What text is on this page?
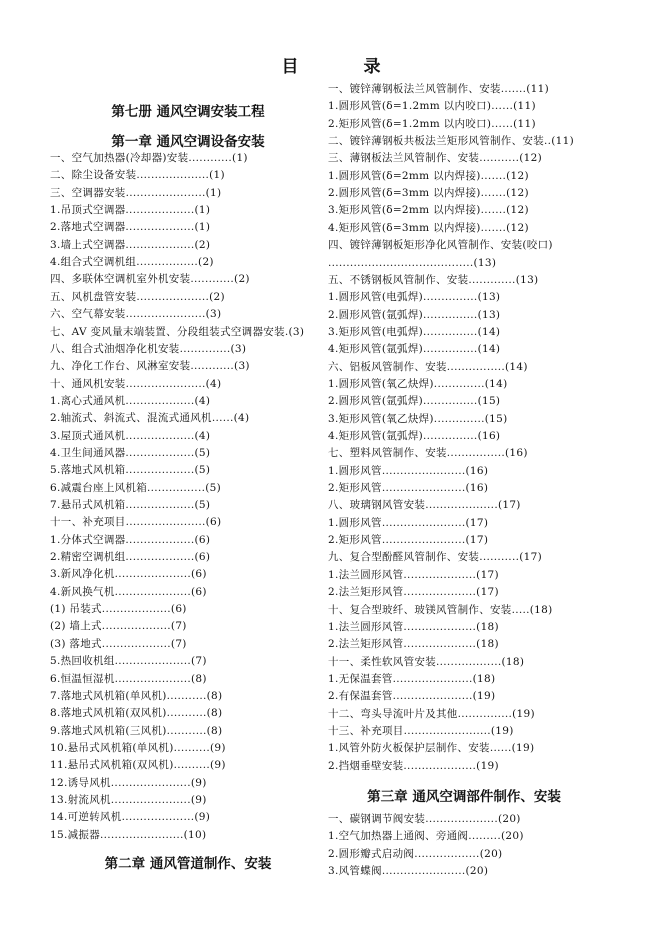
目　录
第七册 通风空调安装工程
第一章 通风空调设备安装
一、空气加热器(冷却器)安装............(1)
二、除尘设备安装....................(1)
三、空调器安装......................(1)
1.吊顶式空调器...................(1)
2.落地式空调器...................(1)
3.墙上式空调器...................(2)
4.组合式空调机组.................(2)
四、多联体空调机室外机安装............(2)
五、风机盘管安装....................(2)
六、空气幕安装......................(3)
七、AV 变风量末端装置、分段组装式空调器安装.(3)
八、组合式油烟净化机安装..............(3)
九、净化工作台、风淋室安装............(3)
十、通风机安装......................(4)
1.离心式通风机...................(4)
2.轴流式、斜流式、混流式通风机......(4)
3.屋顶式通风机...................(4)
4.卫生间通风器...................(5)
5.落地式风机箱...................(5)
6.减震台座上风机箱................(5)
7.悬吊式风机箱...................(5)
十一、补充项目......................(6)
1.分体式空调器...................(6)
2.精密空调机组...................(6)
3.新风净化机.....................(6)
4.新风换气机.....................(6)
(1) 吊装式...................(6)
(2) 墙上式...................(7)
(3) 落地式...................(7)
5.热回收机组.....................(7)
6.恒温恒湿机.....................(8)
7.落地式风机箱(单风机)...........(8)
8.落地式风机箱(双风机)...........(8)
9.落地式风机箱(三风机)...........(8)
10.悬吊式风机箱(单风机)..........(9)
11.悬吊式风机箱(双风机)..........(9)
12.诱导风机......................(9)
13.射流风机......................(9)
14.可逆转风机....................(9)
15.减振器.......................(10)
第二章 通风管道制作、安装
一、镀锌薄钢板法兰风管制作、安装.......(11)
1.圆形风管(δ=1.2mm 以内咬口)......(11)
2.矩形风管(δ=1.2mm 以内咬口)......(11)
二、镀锌薄钢板共板法兰矩形风管制作、安装..(11)
三、薄钢板法兰风管制作、安装...........(12)
1.圆形风管(δ=2mm 以内焊接).......(12)
2.圆形风管(δ=3mm 以内焊接).......(12)
3.矩形风管(δ=2mm 以内焊接).......(12)
4.矩形风管(δ=3mm 以内焊接).......(12)
四、镀锌薄钢板矩形净化风管制作、安装(咬口)
........................................(13)
五、不锈钢板风管制作、安装.............(13)
1.圆形风管(电弧焊)...............(13)
2.圆形风管(氩弧焊)...............(13)
3.矩形风管(电弧焊)...............(14)
4.矩形风管(氩弧焊)...............(14)
六、铝板风管制作、安装................(14)
1.圆形风管(氧乙炔焊)..............(14)
2.圆形风管(氩弧焊)...............(15)
3.矩形风管(氧乙炔焊)..............(15)
4.矩形风管(氩弧焊)...............(16)
七、塑料风管制作、安装................(16)
1.圆形风管.......................(16)
2.矩形风管.......................(16)
八、玻璃钢风管安装....................(17)
1.圆形风管.......................(17)
2.矩形风管.......................(17)
九、复合型酚醛风管制作、安装...........(17)
1.法兰圆形风管....................(17)
2.法兰矩形风管....................(17)
十、复合型玻纤、玻镁风管制作、安装.....(18)
1.法兰圆形风管....................(18)
2.法兰矩形风管....................(18)
十一、柔性软风管安装..................(18)
1.无保温套管......................(18)
2.有保温套管......................(19)
十二、弯头导流叶片及其他...............(19)
十三、补充项目........................(19)
1.风管外防火板保护层制作、安装......(19)
2.挡烟垂壁安装....................(19)
第三章 通风空调部件制作、安装
一、碳钢调节阀安装....................(20)
1.空气加热器上通阀、旁通阀.........(20)
2.圆形瓣式启动阀..................(20)
3.风管蝶阀.......................(20)
